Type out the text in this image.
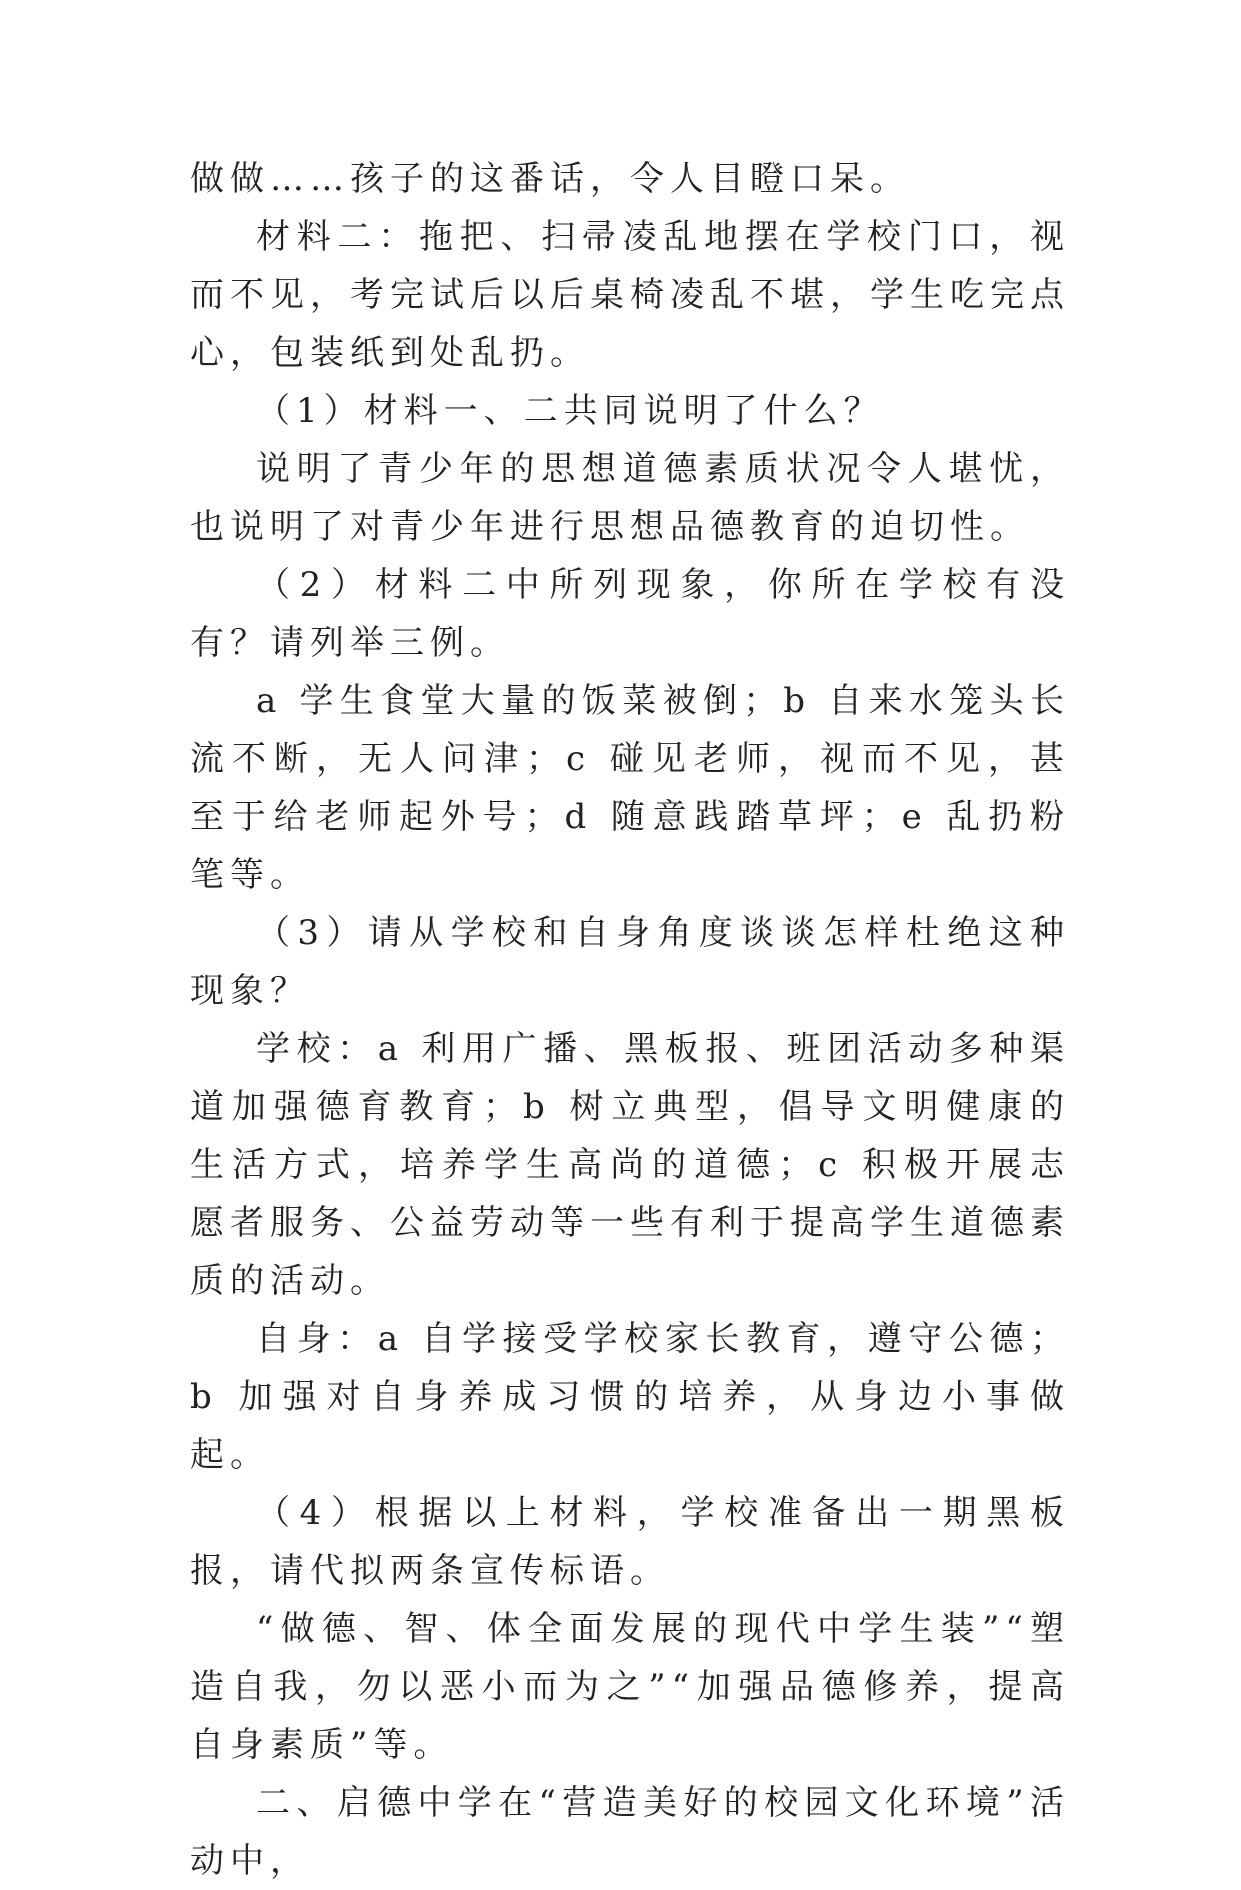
做做……孩子的这番话，令人目瞪口呆。

材料二：拖把、扫帚凌乱地摆在学校门口，视而不见，考完试后以后桌椅凌乱不堪，学生吃完点心，包装纸到处乱扔。

（1）材料一、二共同说明了什么？

说明了青少年的思想道德素质状况令人堪忧，也说明了对青少年进行思想品德教育的迫切性。

（2）材料二中所列现象，你所在学校有没有？请列举三例。

a 学生食堂大量的饭菜被倒；b 自来水笼头长流不断，无人问津；c 碰见老师，视而不见，甚至于给老师起外号；d 随意践踏草坪；e 乱扔粉笔等。

（3）请从学校和自身角度谈谈怎样杜绝这种现象？

学校：a 利用广播、黑板报、班团活动多种渠道加强德育教育；b 树立典型，倡导文明健康的生活方式，培养学生高尚的道德；c 积极开展志愿者服务、公益劳动等一些有利于提高学生道德素质的活动。

自身：a 自学接受学校家长教育，遵守公德；b 加强对自身养成习惯的培养，从身边小事做起。

（4）根据以上材料，学校准备出一期黑板报，请代拟两条宣传标语。

“做德、智、体全面发展的现代中学生装”“塑造自我，勿以恶小而为之”“加强品德修养，提高自身素质”等。

二、启德中学在“营造美好的校园文化环境”活动中，
